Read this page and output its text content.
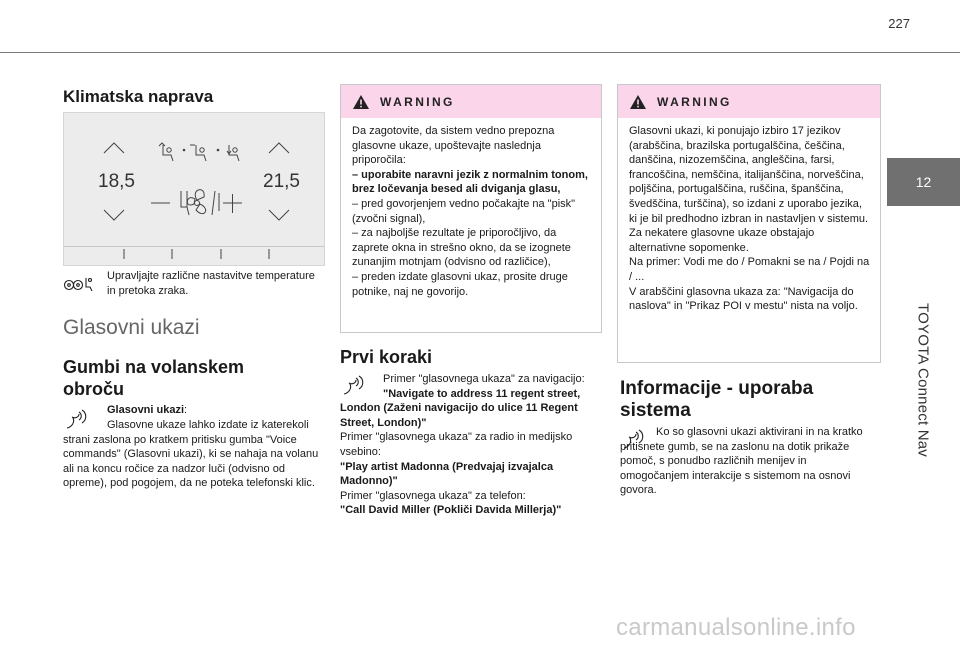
227
12
TOYOTA Connect Nav
Klimatska naprava
18,5	21,5
Upravljajte različne nastavitve temperature in pretoka zraka.
Glasovni ukazi
Gumbi na volanskem obroču
Glasovni ukazi:
Glasovne ukaze lahko izdate iz katerekoli strani zaslona po kratkem pritisku gumba "Voice commands" (Glasovni ukazi), ki se nahaja na volanu ali na koncu ročice za nadzor luči (odvisno od opreme), pod pogojem, da ne poteka telefonski klic.
WARNING
Da zagotovite, da sistem vedno prepozna glasovne ukaze, upoštevajte naslednja priporočila:
– uporabite naravni jezik z normalnim tonom, brez ločevanja besed ali dviganja glasu,
– pred govorjenjem vedno počakajte na "pisk" (zvočni signal),
– za najboljše rezultate je priporočljivo, da zaprete okna in strešno okno, da se izognete zunanjim motnjam (odvisno od različice),
– preden izdate glasovni ukaz, prosite druge potnike, naj ne govorijo.
Prvi koraki
Primer "glasovnega ukaza" za navigacijo:
"Navigate to address 11 regent street, London (Zaženi navigacijo do ulice 11 Regent Street, London)"
Primer "glasovnega ukaza" za radio in medijsko vsebino:
"Play artist Madonna (Predvajaj izvajalca Madonno)"
Primer "glasovnega ukaza" za telefon:
"Call David Miller (Pokliči Davida Millerja)"
WARNING
Glasovni ukazi, ki ponujajo izbiro 17 jezikov (arabščina, brazilska portugalščina, češčina, danščina, nizozemščina, angleščina, farsi, francoščina, nemščina, italijanščina, norveščina, poljščina, portugalščina, ruščina, španščina, švedščina, turščina), so izdani z uporabo jezika, ki je bil predhodno izbran in nastavljen v sistemu.
Za nekatere glasovne ukaze obstajajo alternativne sopomenke.
Na primer: Vodi me do / Pomakni se na / Pojdi na / ...
V arabščini glasovna ukaza za: "Navigacija do naslova" in "Prikaz POI v mestu" nista na voljo.
Informacije - uporaba sistema
Ko so glasovni ukazi aktivirani in na kratko pritisnete gumb, se na zaslonu na dotik prikaže pomoč, s ponudbo različnih menijev in omogočanjem interakcije s sistemom na osnovi govora.
carmanualsonline.info
